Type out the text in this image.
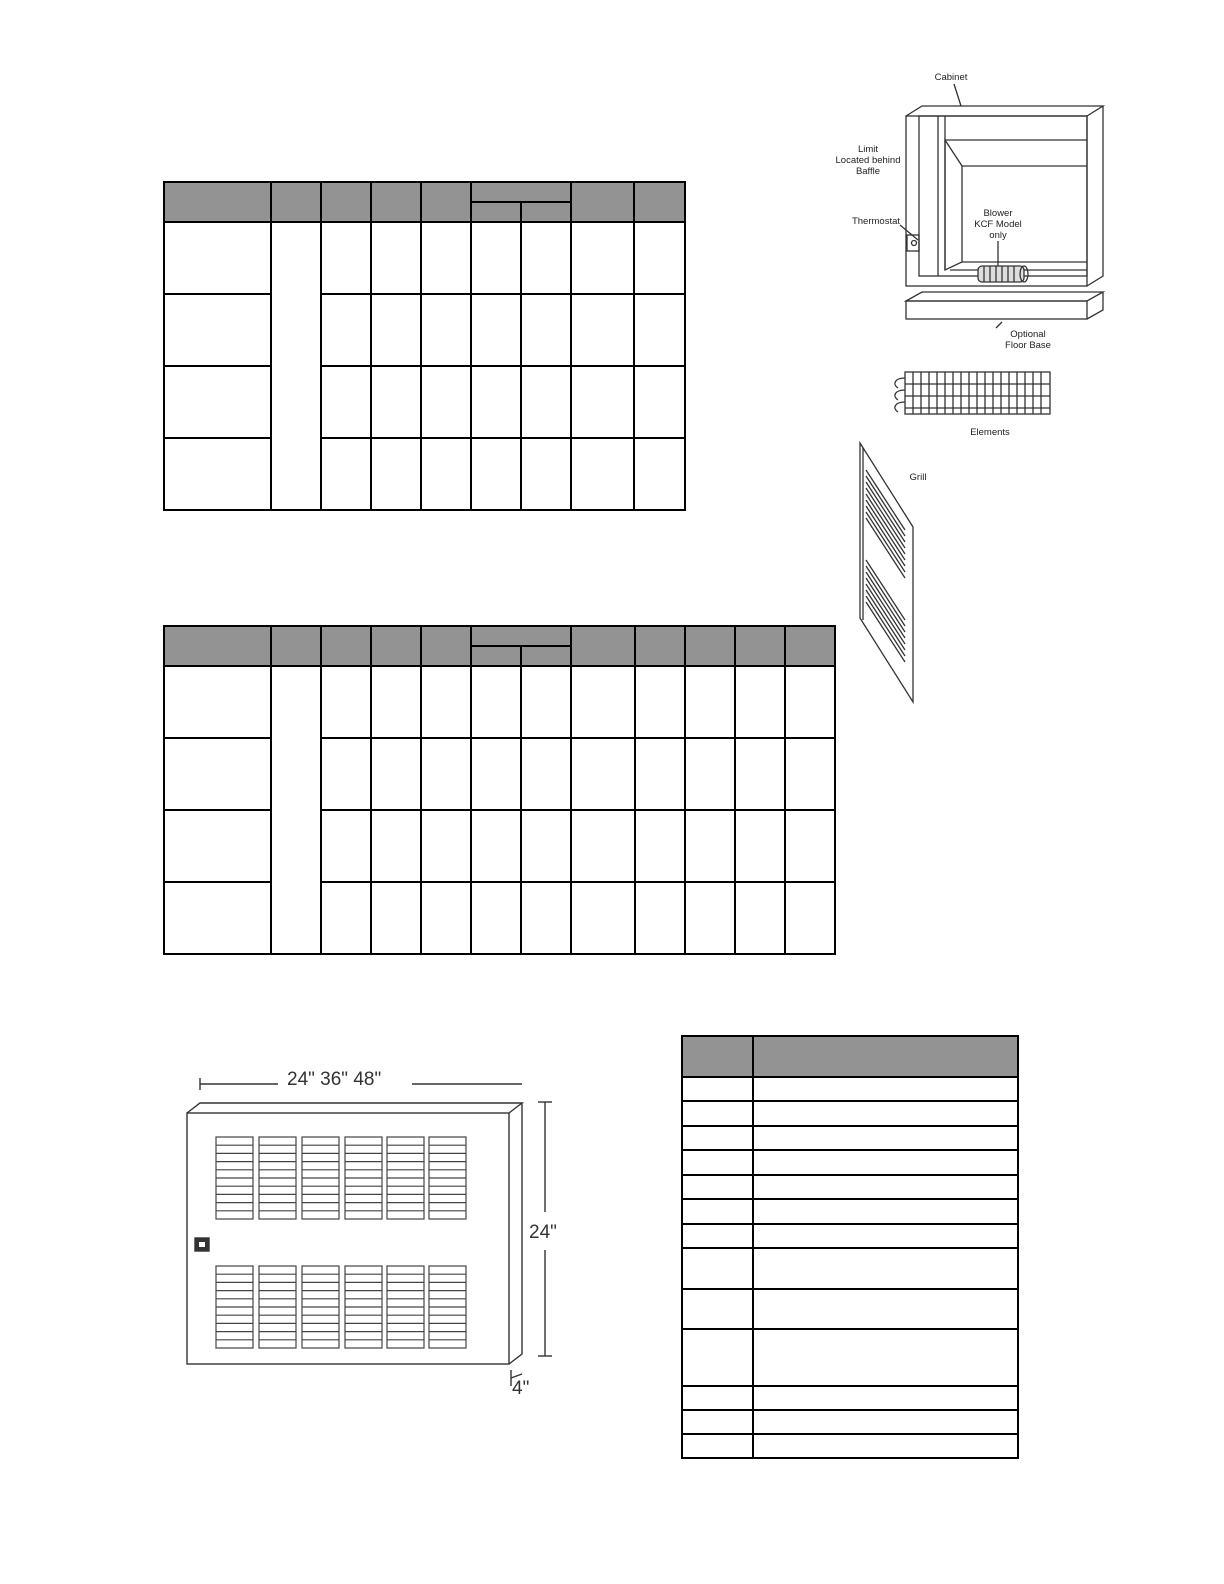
Cabinet
Limit
Located behind
Baffle
Thermostat
Blower
KCF Model
only
Optional
Floor Base
Elements
Grill
24" 36" 48"
24"
4"
